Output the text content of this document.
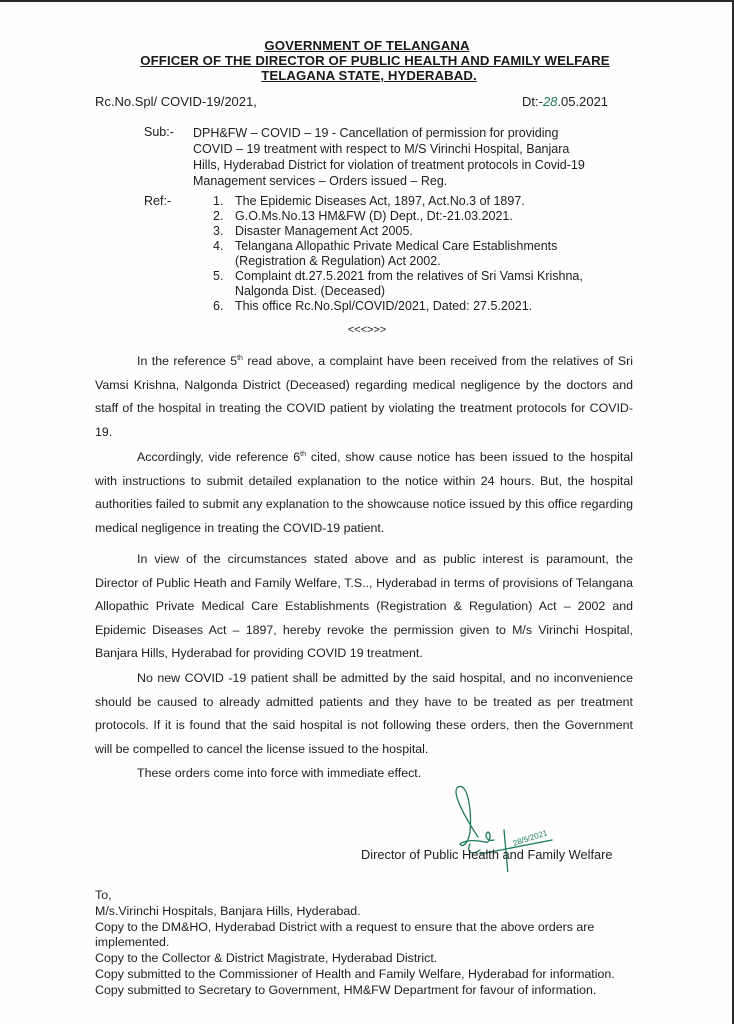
GOVERNMENT OF TELANGANA
OFFICER OF THE DIRECTOR OF PUBLIC HEALTH AND FAMILY WELFARE
TELAGANA STATE, HYDERABAD.
Rc.No.Spl/ COVID-19/2021,	Dt:-28.05.2021
Sub:- DPH&FW – COVID – 19 - Cancellation of permission for providing COVID – 19 treatment with respect to M/S Virinchi Hospital, Banjara Hills, Hyderabad District for violation of treatment protocols in Covid-19 Management services – Orders issued – Reg.
Ref:-	1. The Epidemic Diseases Act, 1897, Act.No.3 of 1897.
2. G.O.Ms.No.13 HM&FW (D) Dept., Dt:-21.03.2021.
3. Disaster Management Act 2005.
4. Telangana Allopathic Private Medical Care Establishments (Registration & Regulation) Act 2002.
5. Complaint dt.27.5.2021 from the relatives of Sri Vamsi Krishna, Nalgonda Dist. (Deceased)
6. This office Rc.No.Spl/COVID/2021, Dated: 27.5.2021.
<<<>>>
In the reference 5th read above, a complaint have been received from the relatives of Sri Vamsi Krishna, Nalgonda District (Deceased) regarding medical negligence by the doctors and staff of the hospital in treating the COVID patient by violating the treatment protocols for COVID-19.
Accordingly, vide reference 6th cited, show cause notice has been issued to the hospital with instructions to submit detailed explanation to the notice within 24 hours. But, the hospital authorities failed to submit any explanation to the showcause notice issued by this office regarding medical negligence in treating the COVID-19 patient.
In view of the circumstances stated above and as public interest is paramount, the Director of Public Heath and Family Welfare, T.S.., Hyderabad in terms of provisions of Telangana Allopathic Private Medical Care Establishments (Registration & Regulation) Act – 2002 and Epidemic Diseases Act – 1897, hereby revoke the permission given to M/s Virinchi Hospital, Banjara Hills, Hyderabad for providing COVID 19 treatment.
No new COVID -19 patient shall be admitted by the said hospital, and no inconvenience should be caused to already admitted patients and they have to be treated as per treatment protocols. If it is found that the said hospital is not following these orders, then the Government will be compelled to cancel the license issued to the hospital.
These orders come into force with immediate effect.
28/5/2021
Director of Public Health and Family Welfare
To,
M/s.Virinchi Hospitals, Banjara Hills, Hyderabad.
Copy to the DM&HO, Hyderabad District with a request to ensure that the above orders are implemented.
Copy to the Collector & District Magistrate, Hyderabad District.
Copy submitted to the Commissioner of Health and Family Welfare, Hyderabad for information.
Copy submitted to Secretary to Government, HM&FW Department for favour of information.
